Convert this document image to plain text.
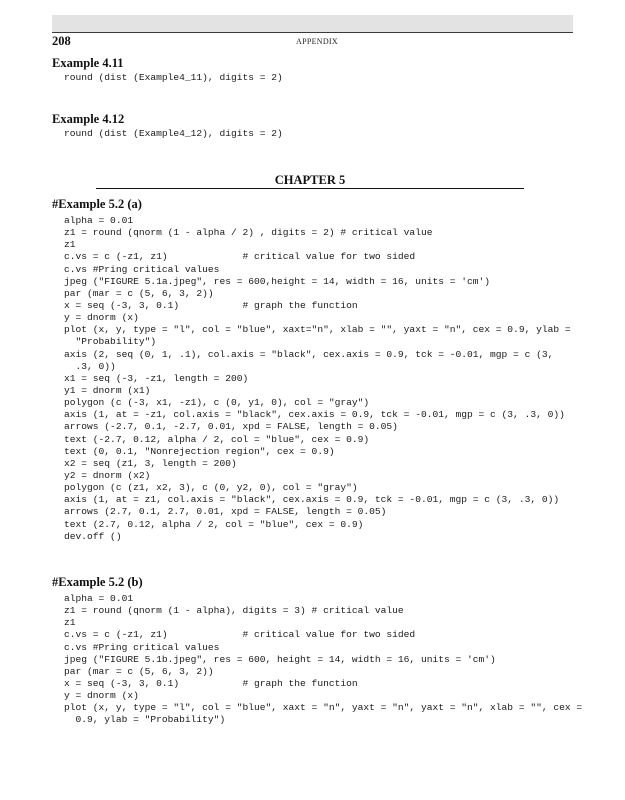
208	APPENDIX
Example 4.11
round (dist (Example4_11), digits = 2)
Example 4.12
round (dist (Example4_12), digits = 2)
CHAPTER 5
#Example 5.2 (a)
alpha = 0.01
z1 = round (qnorm (1 - alpha / 2) , digits = 2) # critical value
z1
c.vs = c (-z1, z1)             # critical value for two sided
c.vs #Pring critical values
jpeg ("FIGURE 5.1a.jpeg", res = 600,height = 14, width = 16, units = 'cm')
par (mar = c (5, 6, 3, 2))
x = seq (-3, 3, 0.1)           # graph the function
y = dnorm (x)
plot (x, y, type = "l", col = "blue", xaxt="n", xlab = "", yaxt = "n", cex = 0.9, ylab =
"Probability")
axis (2, seq (0, 1, .1), col.axis = "black", cex.axis = 0.9, tck = -0.01, mgp = c (3,
.3, 0))
x1 = seq (-3, -z1, length = 200)
y1 = dnorm (x1)
polygon (c (-3, x1, -z1), c (0, y1, 0), col = "gray")
axis (1, at = -z1, col.axis = "black", cex.axis = 0.9, tck = -0.01, mgp = c (3, .3, 0))
arrows (-2.7, 0.1, -2.7, 0.01, xpd = FALSE, length = 0.05)
text (-2.7, 0.12, alpha / 2, col = "blue", cex = 0.9)
text (0, 0.1, "Nonrejection region", cex = 0.9)
x2 = seq (z1, 3, length = 200)
y2 = dnorm (x2)
polygon (c (z1, x2, 3), c (0, y2, 0), col = "gray")
axis (1, at = z1, col.axis = "black", cex.axis = 0.9, tck = -0.01, mgp = c (3, .3, 0))
arrows (2.7, 0.1, 2.7, 0.01, xpd = FALSE, length = 0.05)
text (2.7, 0.12, alpha / 2, col = "blue", cex = 0.9)
dev.off ()
#Example 5.2 (b)
alpha = 0.01
z1 = round (qnorm (1 - alpha), digits = 3) # critical value
z1
c.vs = c (-z1, z1)             # critical value for two sided
c.vs #Pring critical values
jpeg ("FIGURE 5.1b.jpeg", res = 600, height = 14, width = 16, units = 'cm')
par (mar = c (5, 6, 3, 2))
x = seq (-3, 3, 0.1)           # graph the function
y = dnorm (x)
plot (x, y, type = "l", col = "blue", xaxt = "n", yaxt = "n", yaxt = "n", xlab = "", cex =
0.9, ylab = "Probability")
